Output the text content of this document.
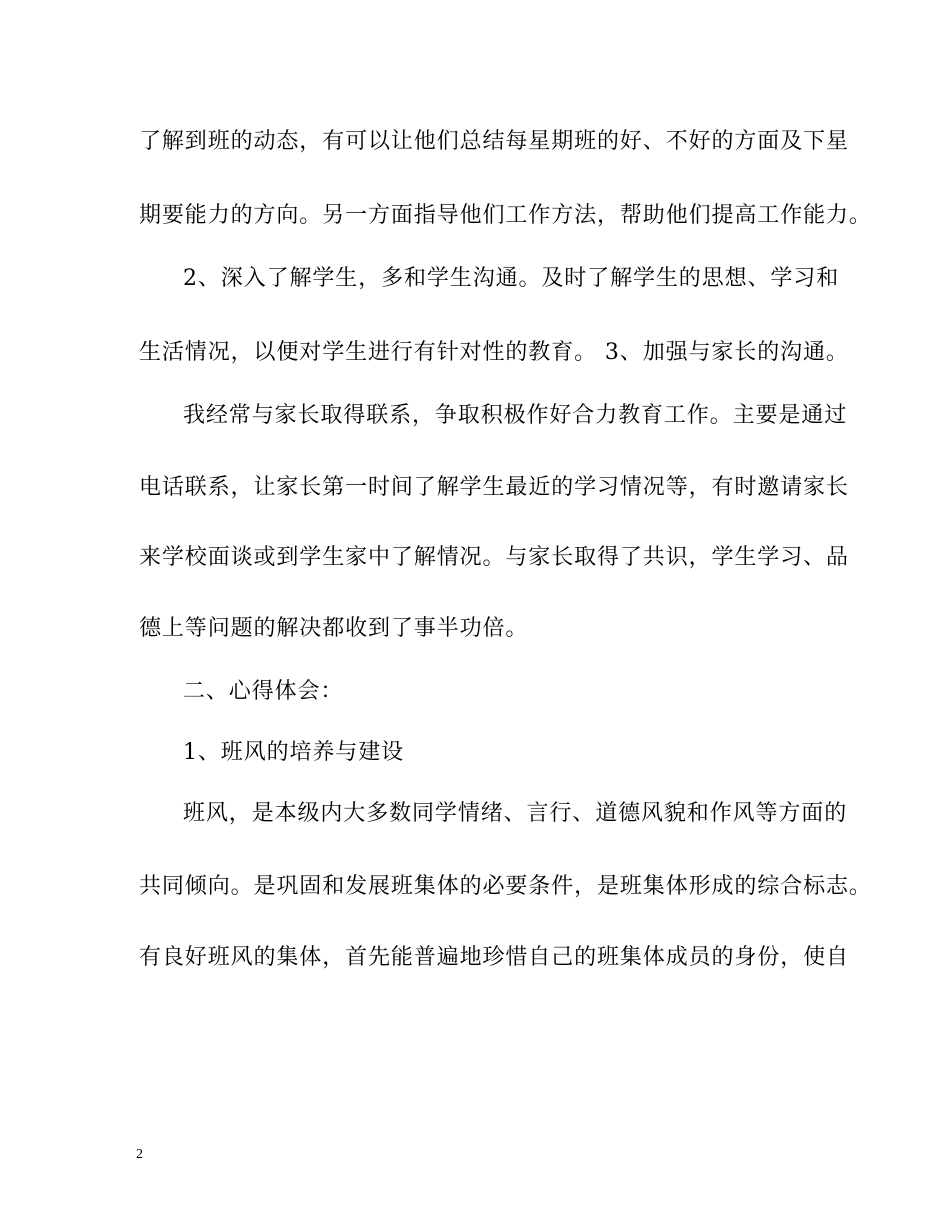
了解到班的动态，有可以让他们总结每星期班的好、不好的方面及下星
期要能力的方向。另一方面指导他们工作方法，帮助他们提高工作能力。
2、深入了解学生，多和学生沟通。及时了解学生的思想、学习和
生活情况，以便对学生进行有针对性的教育。 3、加强与家长的沟通。
我经常与家长取得联系，争取积极作好合力教育工作。主要是通过
电话联系，让家长第一时间了解学生最近的学习情况等，有时邀请家长
来学校面谈或到学生家中了解情况。与家长取得了共识，学生学习、品
德上等问题的解决都收到了事半功倍。
二、心得体会：
1、班风的培养与建设
班风，是本级内大多数同学情绪、言行、道德风貌和作风等方面的
共同倾向。是巩固和发展班集体的必要条件，是班集体形成的综合标志。
有良好班风的集体，首先能普遍地珍惜自己的班集体成员的身份，使自
2
